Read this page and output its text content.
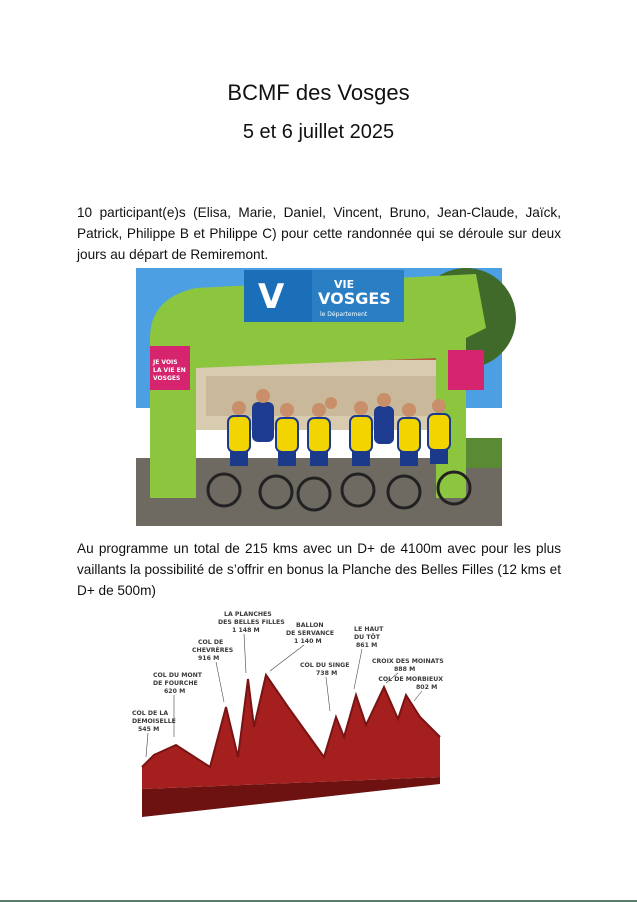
BCMF des Vosges
5 et 6 juillet 2025
10 participant(e)s (Elisa, Marie, Daniel, Vincent, Bruno, Jean-Claude, Jaïck, Patrick, Philippe B et Philippe C) pour cette randonnée qui se déroule sur deux jours au départ de Remiremont.
V	VIE
VOSGES
le Département
JE VOIS
LA VIE EN
VOSGES
Au programme un total de 215 kms avec un D+ de 4100m avec pour les plus vaillants la possibilité de s’offrir en bonus la Planche des Belles Filles (12 kms et D+ de 500m)
COL DE LA
DEMOISELLE
545 M
COL DU MONT
DE FOURCHE
620 M
COL DE
CHEVRÈRES
916 M
LA PLANCHES
DES BELLES FILLES
1 148 M
BALLON
DE SERVANCE
1 140 M
COL DU SINGE
738 M
LE HAUT
DU TÔT
861 M
CROIX DES MOINATS
888 M
COL DE MORBIEUX
802 M
